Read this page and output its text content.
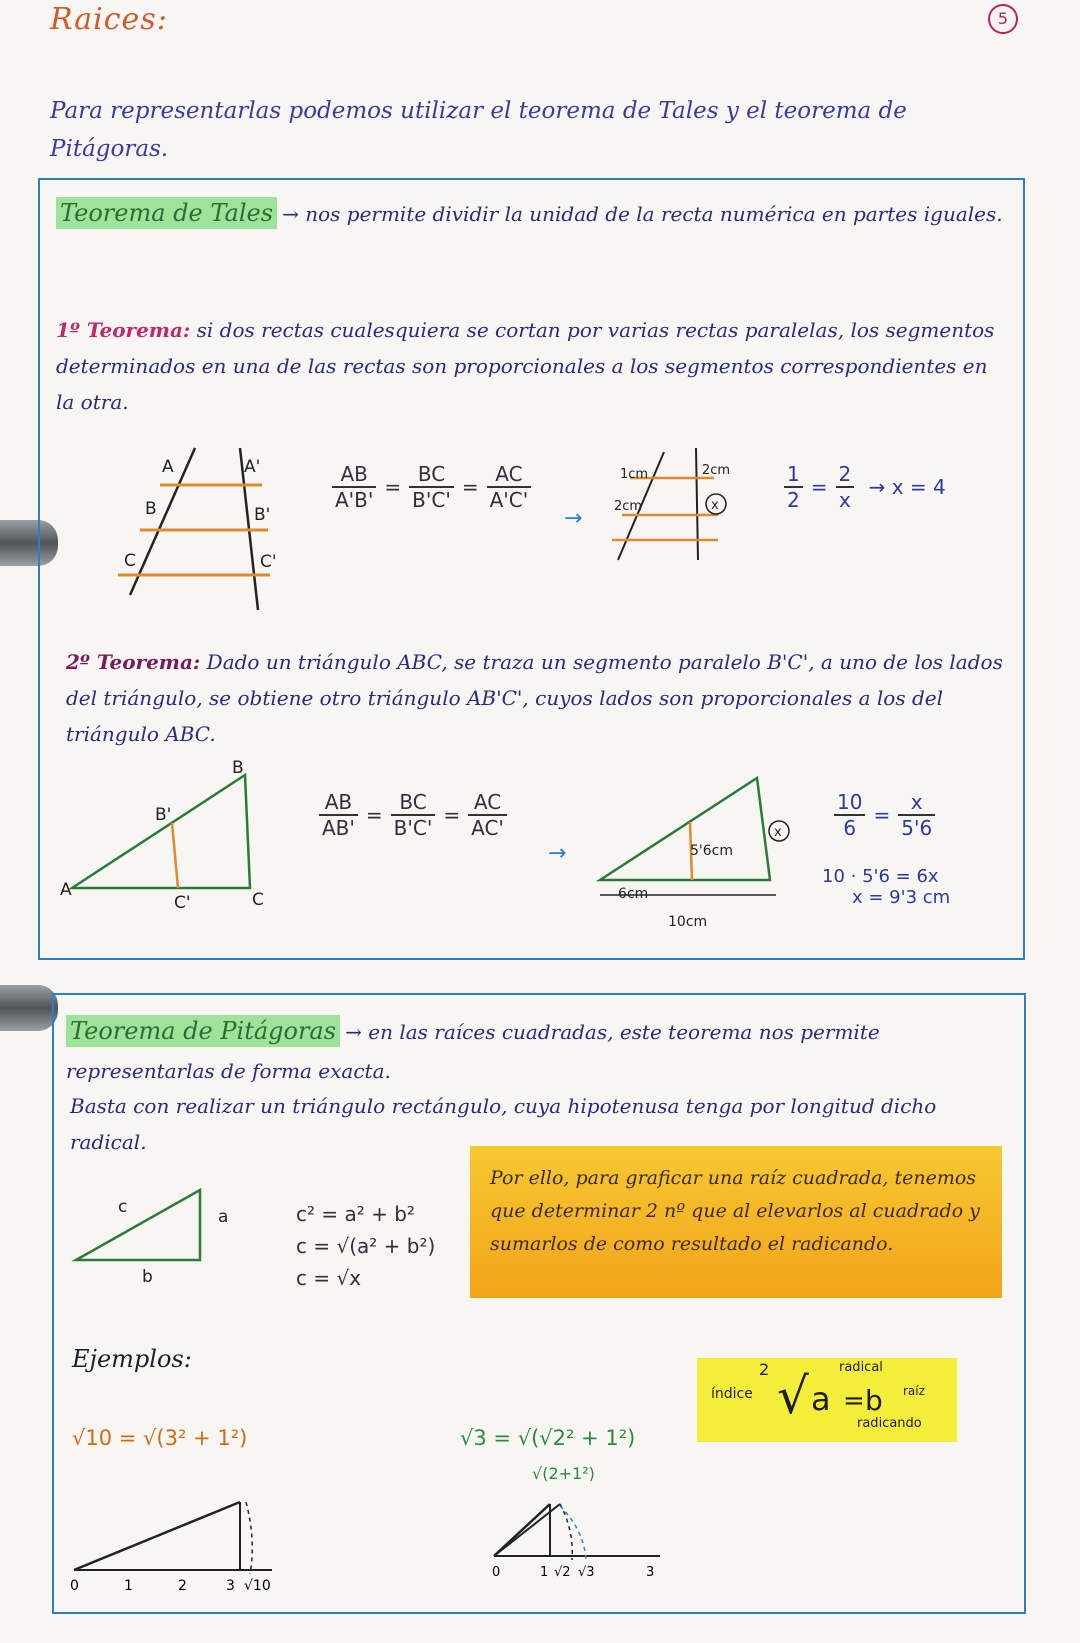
Raices:	5
Para representarlas podemos utilizar el teorema de Tales y el teorema de Pitágoras.
Teorema de Tales → nos permite dividir la unidad de la recta numérica en partes iguales.
1º Teorema: si dos rectas cualesquiera se cortan por varias rectas paralelas, los segmentos determinados en una de las rectas son proporcionales a los segmentos correspondientes en la otra.
$\frac{AB}{A'B'} = \frac{BC}{B'C'} = \frac{AC}{A'C'}$	$\frac{1}{2} = \frac{2}{x} \to x = 4$
2º Teorema: Dado un triángulo ABC, se traza un segmento paralelo B'C', a uno de los lados del triángulo, se obtiene otro triángulo AB'C', cuyos lados son proporcionales a los del triángulo ABC.
$\frac{AB}{AB'} = \frac{BC}{B'C'} = \frac{AC}{AC'}$	$\frac{10}{6} = \frac{x}{5'6}$
10 · 5'6 = 6x
x = 9'3 cm
Teorema de Pitágoras → en las raíces cuadradas, este teorema nos permite representarlas de forma exacta.
Basta con realizar un triángulo rectángulo, cuya hipotenusa tenga por longitud dicho radical.
c² = a² + b²
c = √(a² + b²)
c = √x
Por ello, para graficar una raíz cuadrada, tenemos que determinar 2 nº que al elevarlos al cuadrado y sumarlos de como resultado el radicando.
Ejemplos:
√10 = √(3² + 1²)	√3 = √(√2² + 1²)
√(2+1²)
índice
2 √ a = b
radical
raíz
radicando
A	A'
B	B'
C	C'
→
1cm	2cm
2cm	x
B
B'
A
C'	C
→	5'6cm
6cm
10cm
x
c	a
b
0	1	2	3 √10
0	1 √2 √3	3
